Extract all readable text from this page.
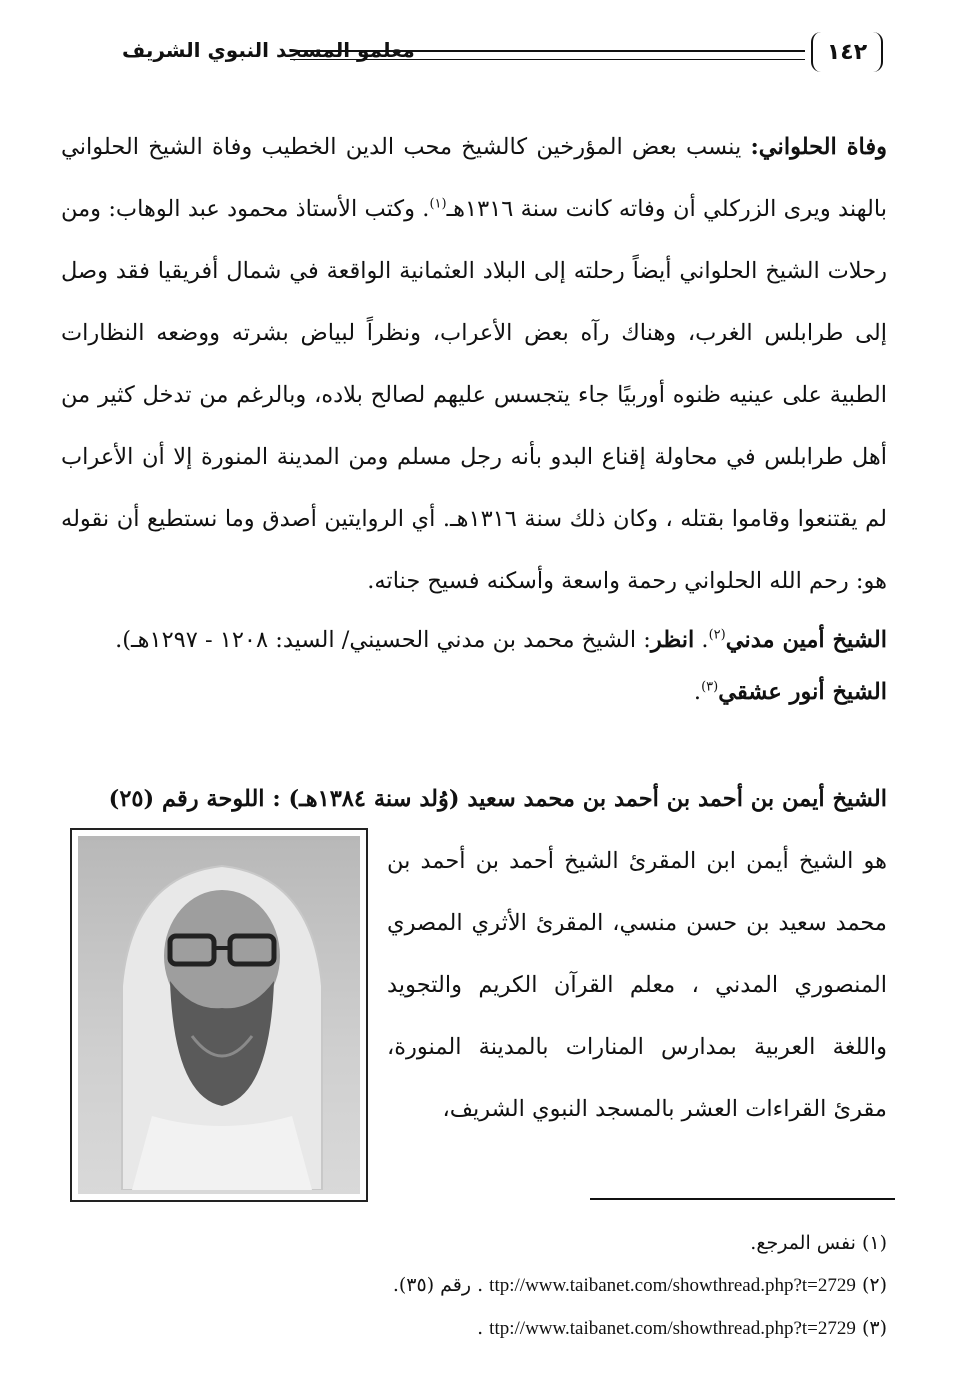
١٤٢
معلمو المسجد النبوي الشريف

وفاة الحلواني: ينسب بعض المؤرخين كالشيخ محب الدين الخطيب وفاة الشيخ الحلواني بالهند ويرى الزركلي أن وفاته كانت سنة ١٣١٦هـ$^{(١)}$. وكتب الأستاذ محمود عبد الوهاب: ومن رحلات الشيخ الحلواني أيضاً رحلته إلى البلاد العثمانية الواقعة في شمال أفريقيا فقد وصل إلى طرابلس الغرب، وهناك رآه بعض الأعراب، ونظراً لبياض بشرته ووضعه النظارات الطبية على عينيه ظنوه أوربيًا جاء يتجسس عليهم لصالح بلاده، وبالرغم من تدخل كثير من أهل طرابلس في محاولة إقناع البدو بأنه رجل مسلم ومن المدينة المنورة إلا أن الأعراب لم يقتنعوا وقاموا بقتله ، وكان ذلك سنة ١٣١٦هـ. أي الروايتين أصدق وما نستطيع أن نقوله هو: رحم الله الحلواني رحمة واسعة وأسكنه فسيح جناته.

الشيخ أمين مدني$^{(٢)}$. انظر: الشيخ محمد بن مدني الحسيني/ السيد: ١٢٠٨ - ١٢٩٧هـ).

الشيخ أنور عشقي$^{(٣)}$.

الشيخ أيمن بن أحمد بن أحمد بن محمد سعيد (وُلد سنة ١٣٨٤هـ) : اللوحة رقم (٢٥)

هو الشيخ أيمن ابن المقرئ الشيخ أحمد بن أحمد بن محمد سعيد بن حسن منسي، المقرئ الأثري المصري المنصوري المدني ، معلم القرآن الكريم والتجويد واللغة العربية بمدارس المنارات بالمدينة المنورة، مقرئ القراءات العشر بالمسجد النبوي الشريف،

(١) نفس المرجع.

(٢) ttp://www.taibanet.com/showthread.php?t=2729 . رقم (٣٥).

(٣) ttp://www.taibanet.com/showthread.php?t=2729 .
